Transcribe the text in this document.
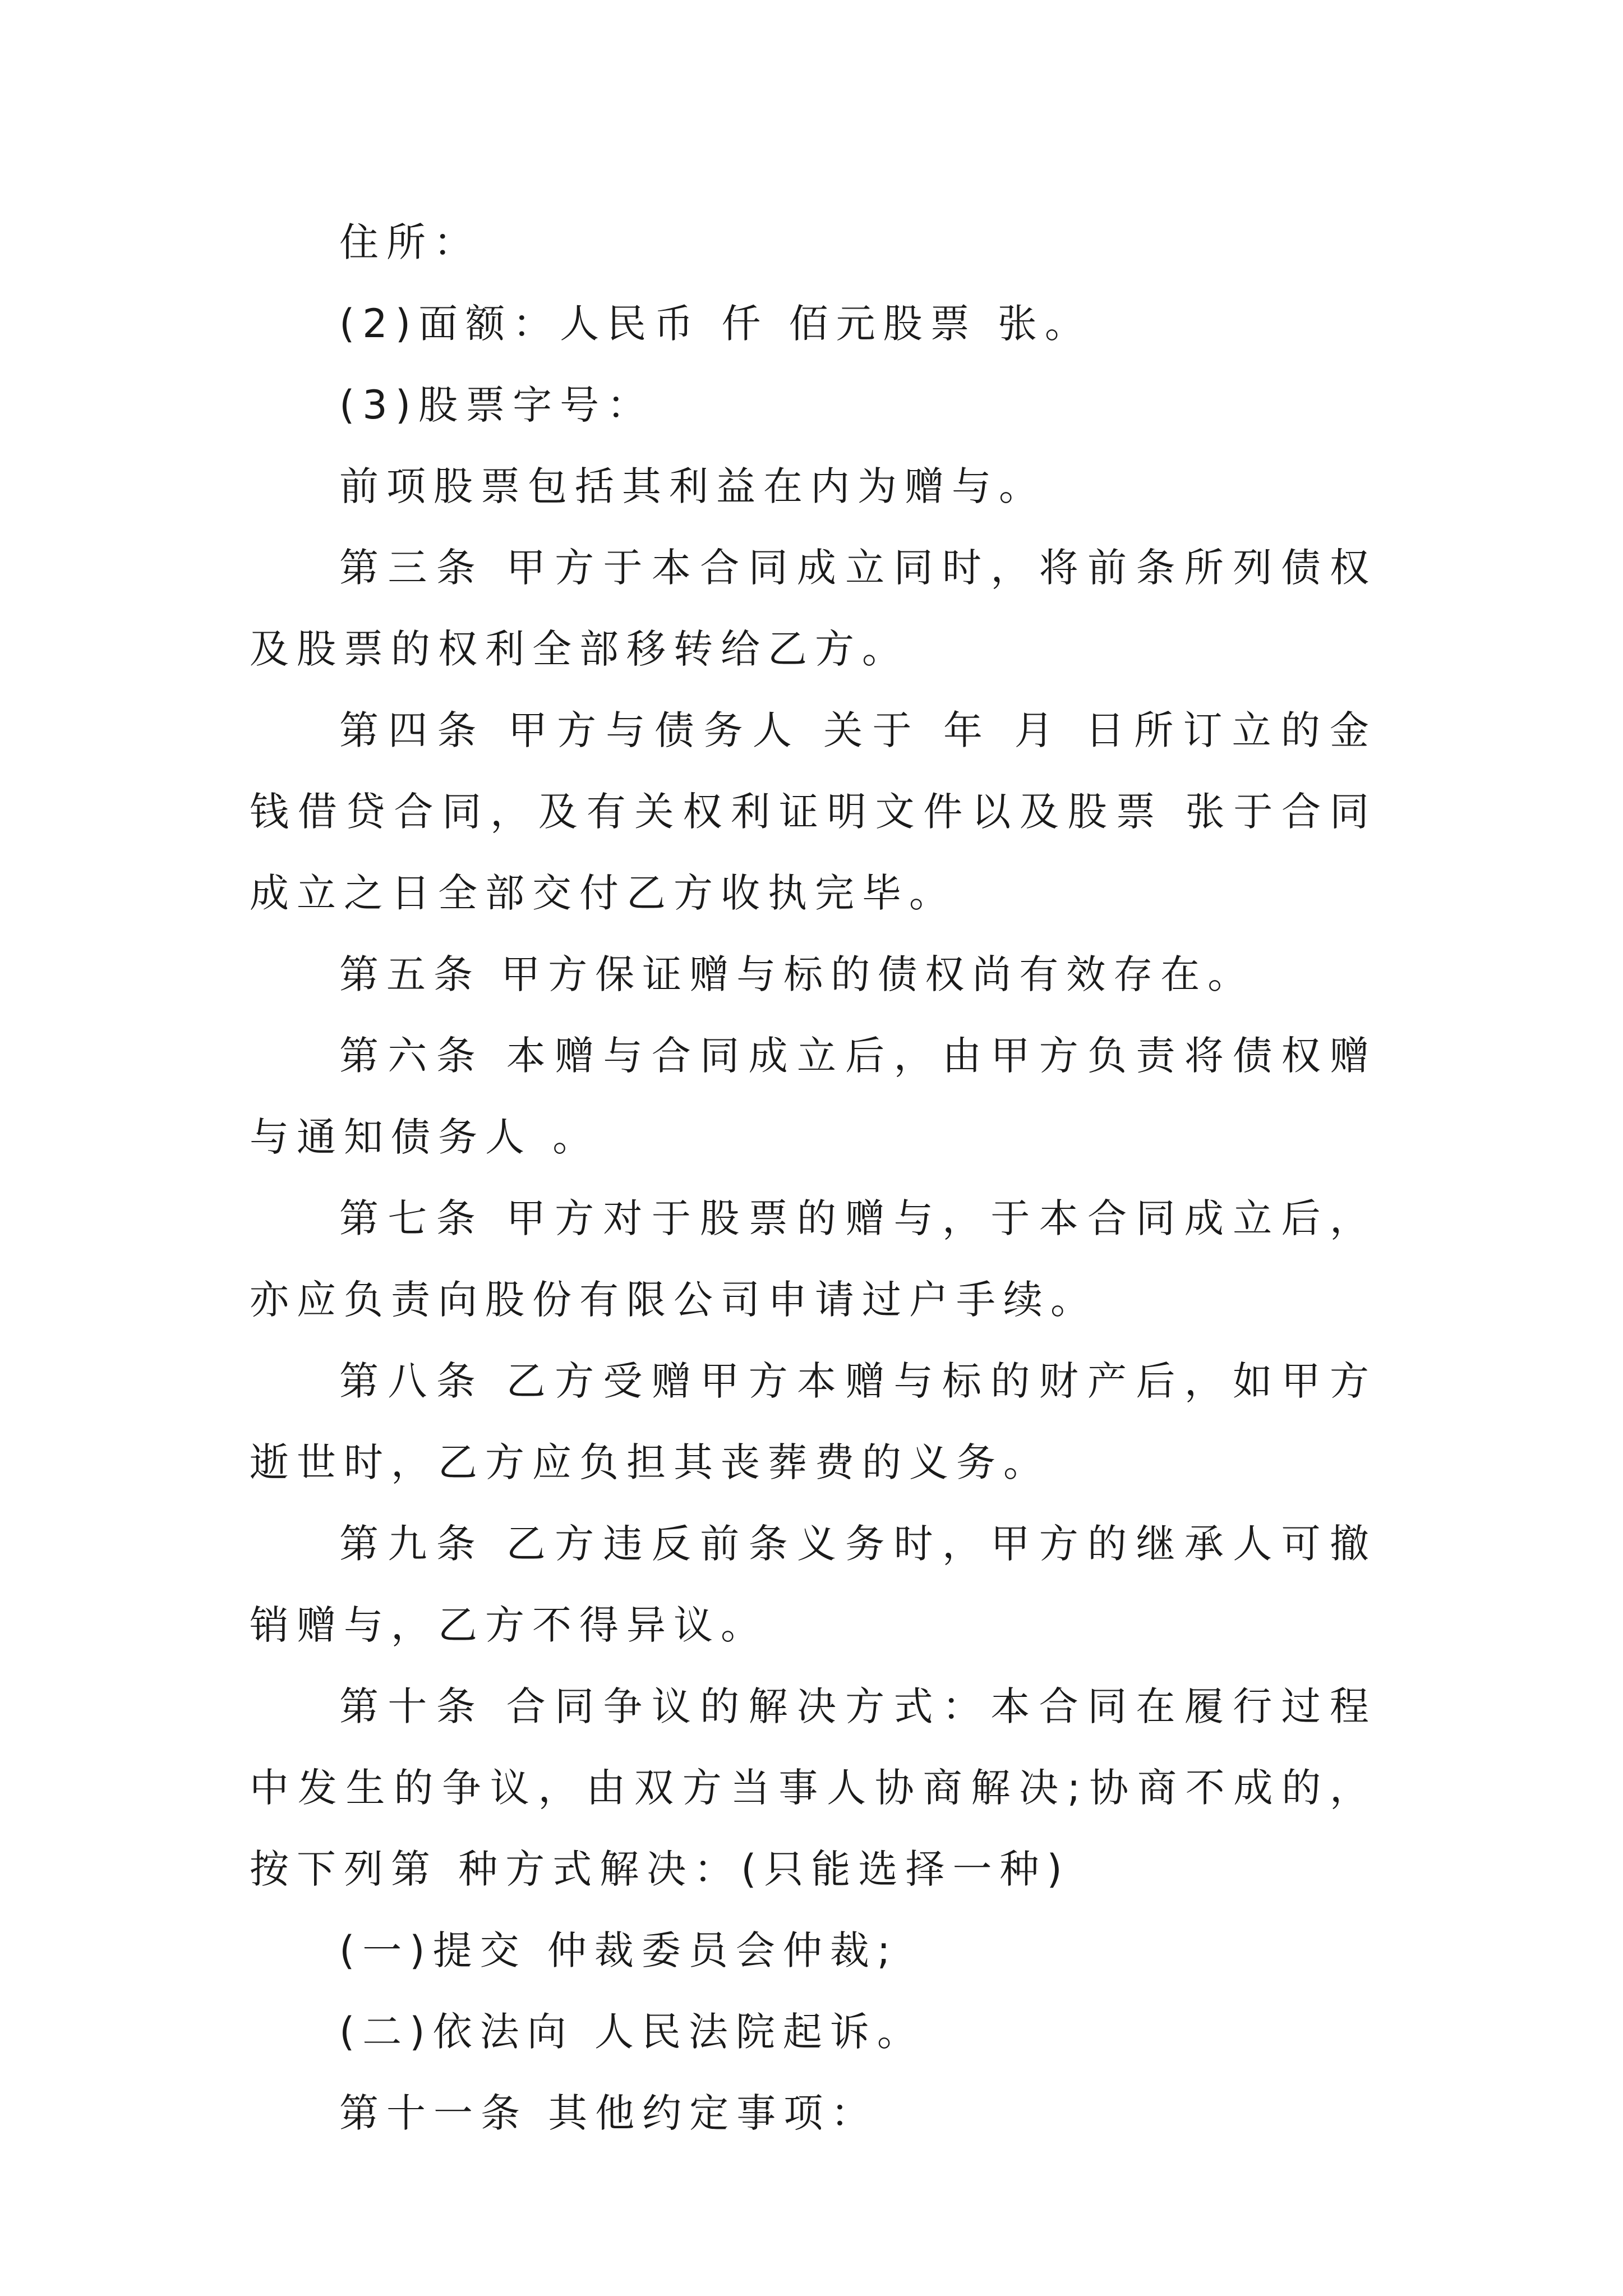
住所：

(2)面额：人民币 仟 佰元股票 张。

(3)股票字号：

前项股票包括其利益在内为赠与。

第三条 甲方于本合同成立同时，将前条所列债权及股票的权利全部移转给乙方。

第四条 甲方与债务人 关于 年 月 日所订立的金钱借贷合同，及有关权利证明文件以及股票 张于合同成立之日全部交付乙方收执完毕。

第五条 甲方保证赠与标的债权尚有效存在。

第六条 本赠与合同成立后，由甲方负责将债权赠与通知债务人 。

第七条 甲方对于股票的赠与，于本合同成立后，亦应负责向股份有限公司申请过户手续。

第八条 乙方受赠甲方本赠与标的财产后，如甲方逝世时，乙方应负担其丧葬费的义务。

第九条 乙方违反前条义务时，甲方的继承人可撤销赠与，乙方不得异议。

第十条 合同争议的解决方式：本合同在履行过程中发生的争议，由双方当事人协商解决;协商不成的，按下列第 种方式解决：(只能选择一种)

(一)提交 仲裁委员会仲裁;

(二)依法向 人民法院起诉。

第十一条 其他约定事项：
